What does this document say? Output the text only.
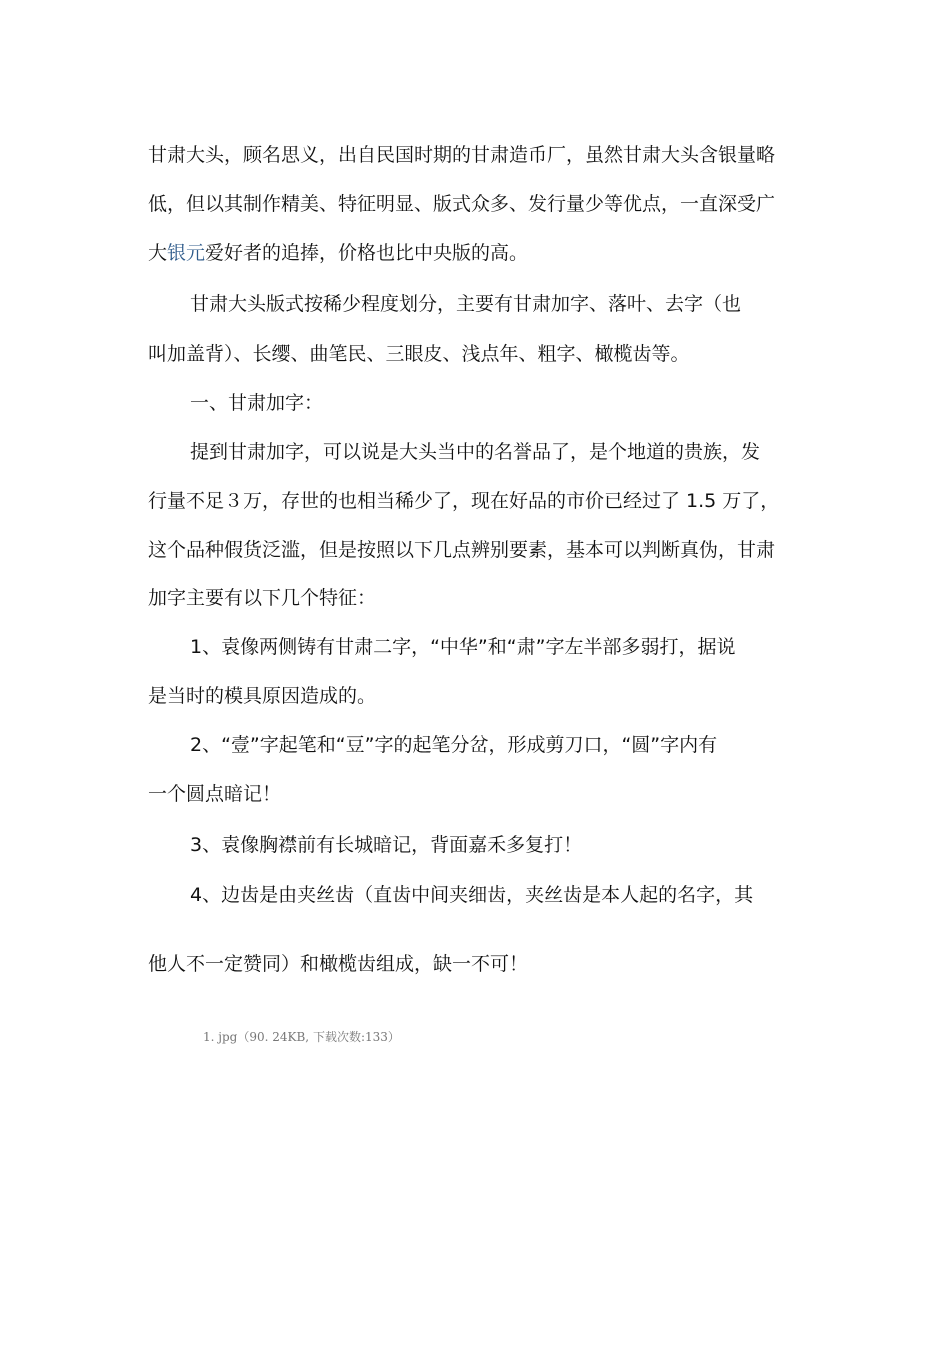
甘肃大头，顾名思义，出自民国时期的甘肃造币厂，虽然甘肃大头含银量略
低，但以其制作精美、特征明显、版式众多、发行量少等优点，一直深受广
大银元爱好者的追捧，价格也比中央版的高。
甘肃大头版式按稀少程度划分，主要有甘肃加字、落叶、去字（也
叫加盖背）、长缨、曲笔民、三眼皮、浅点年、粗字、橄榄齿等。
一、甘肃加字：
提到甘肃加字，可以说是大头当中的名誉品了，是个地道的贵族，发
行量不足３万，存世的也相当稀少了，现在好品的市价已经过了 1.5 万了，
这个品种假货泛滥，但是按照以下几点辨别要素，基本可以判断真伪，甘肃
加字主要有以下几个特征：
1、袁像两侧铸有甘肃二字，“中华”和“肃”字左半部多弱打，据说
是当时的模具原因造成的。
2、“壹”字起笔和“豆”字的起笔分岔，形成剪刀口，“圆”字内有
一个圆点暗记！
3、袁像胸襟前有长城暗记，背面嘉禾多复打！
4、边齿是由夹丝齿（直齿中间夹细齿，夹丝齿是本人起的名字，其
他人不一定赞同）和橄榄齿组成，缺一不可！
1. jpg（90. 24KB, 下载次数:133）
